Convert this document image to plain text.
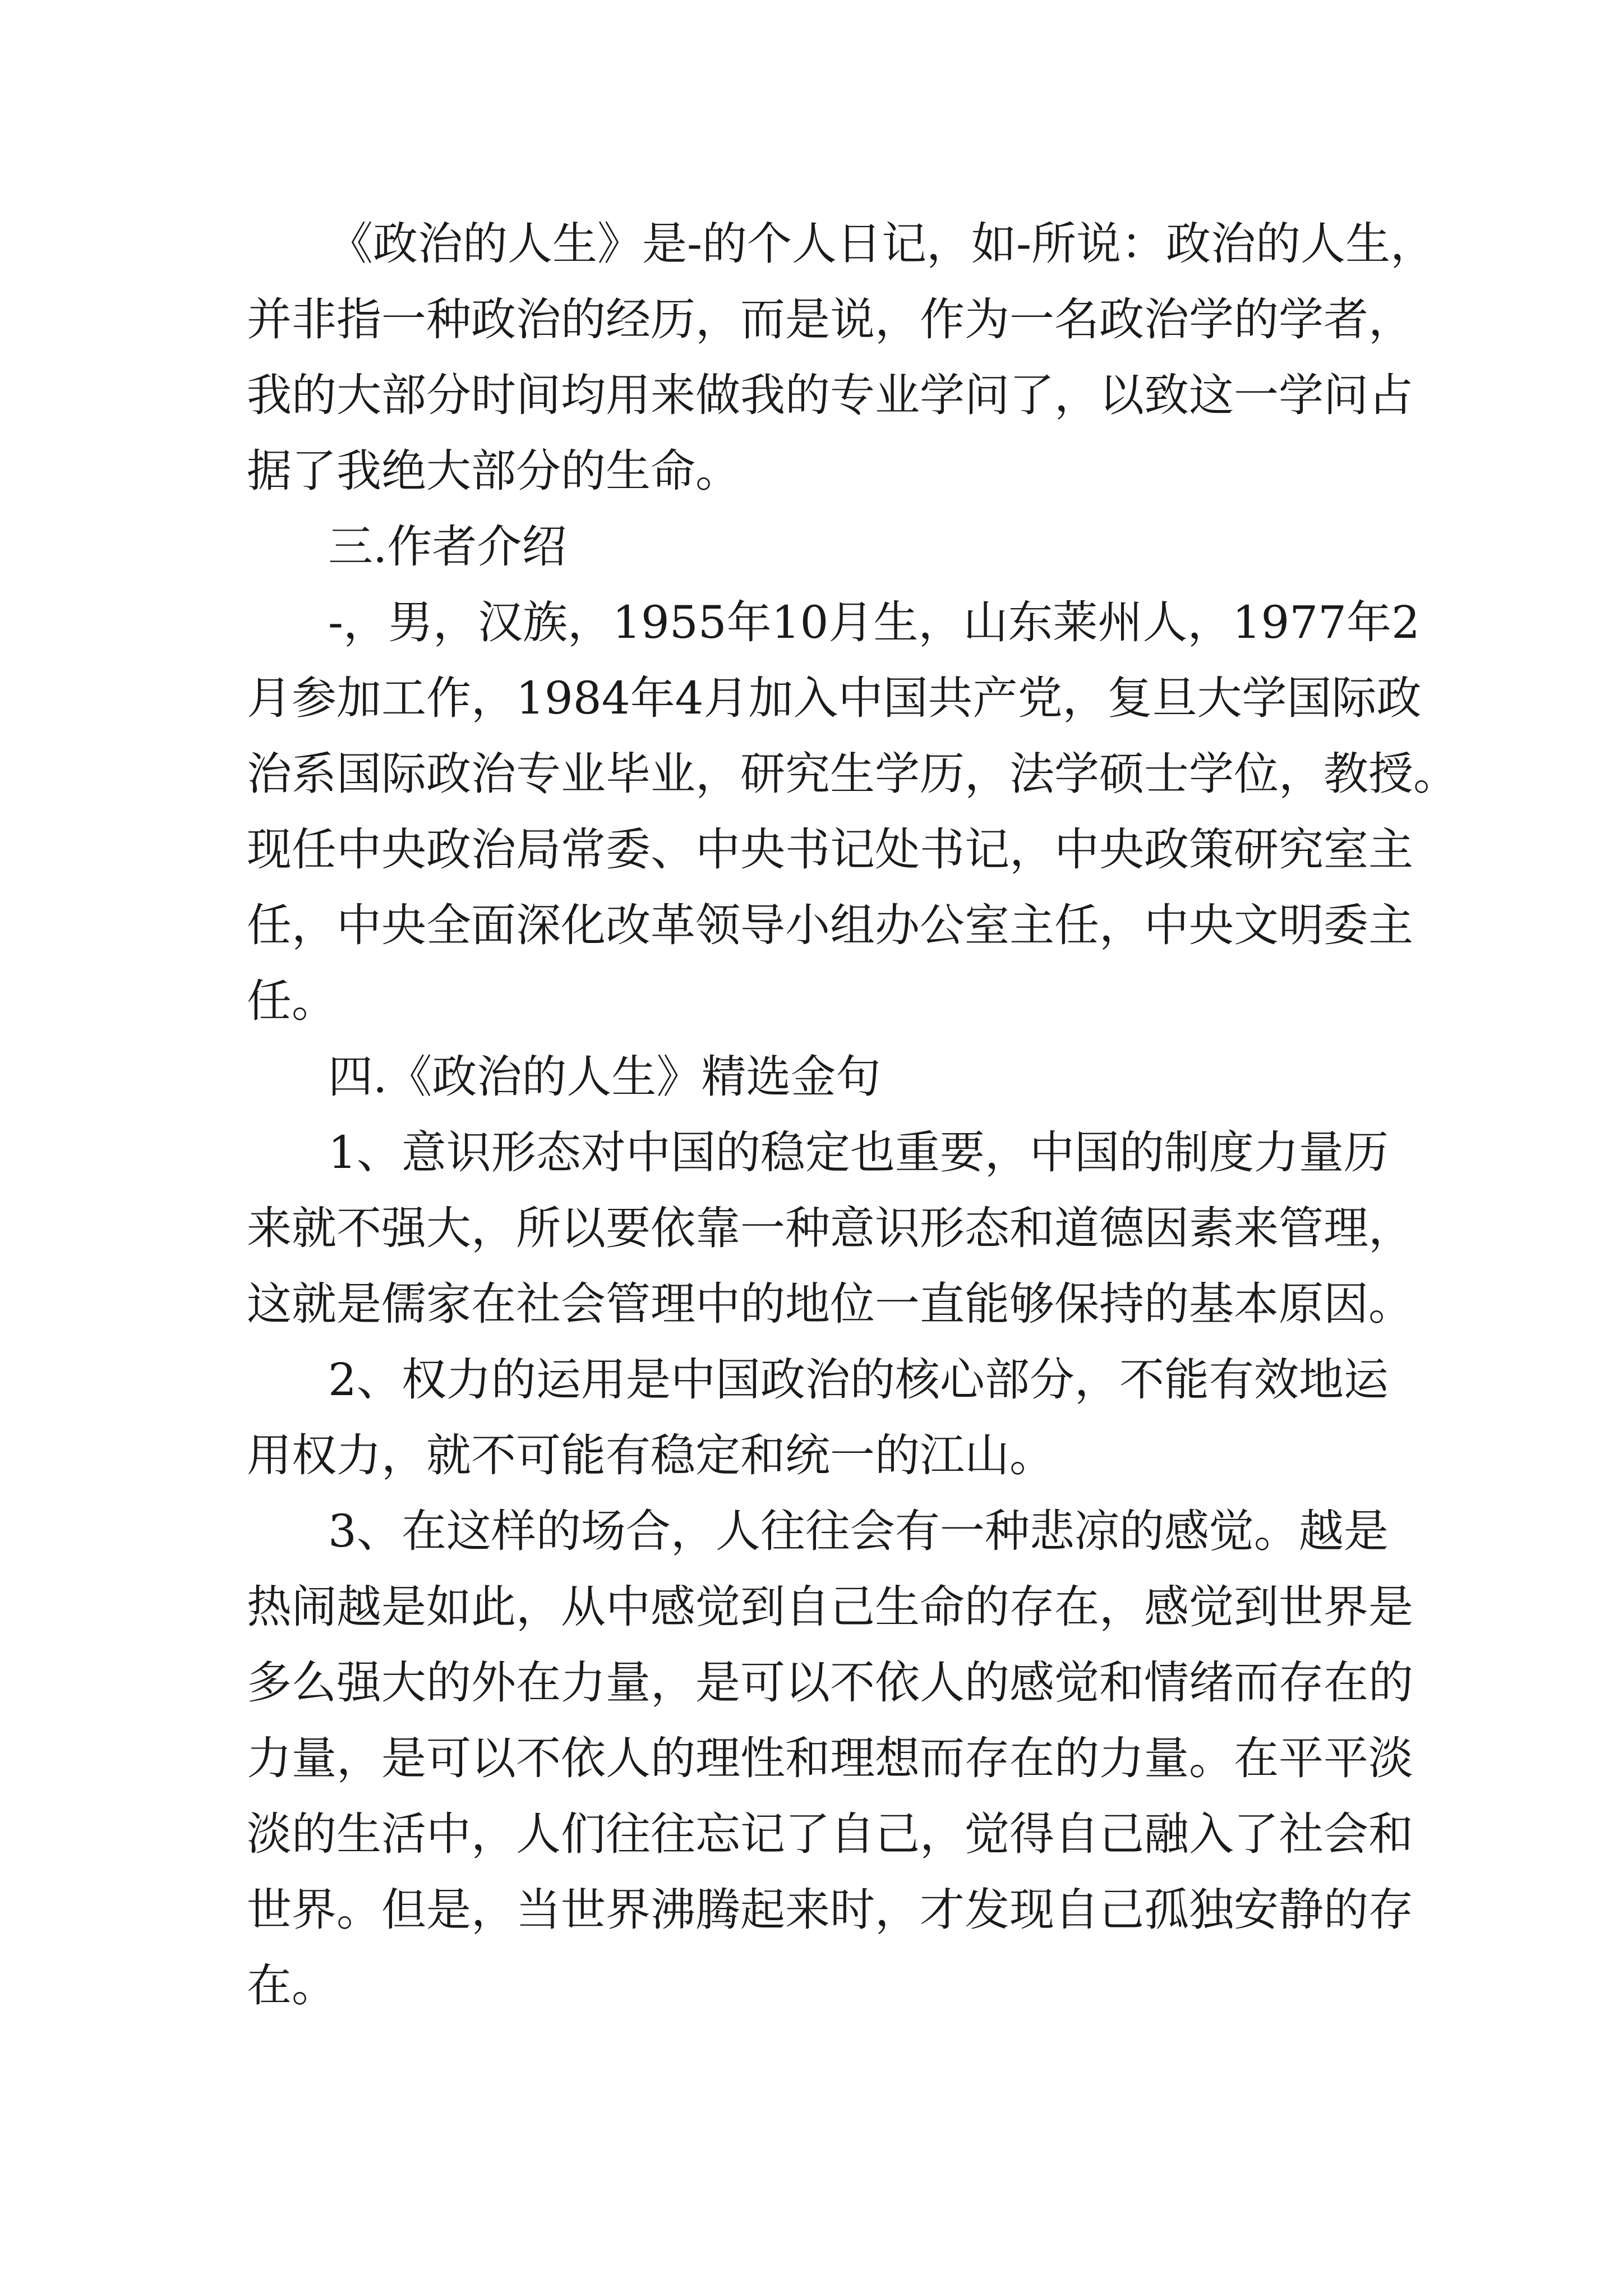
《政治的人生》是-的个人日记，如-所说：政治的人生，
并非指一种政治的经历，而是说，作为一名政治学的学者，
我的大部分时间均用来做我的专业学问了，以致这一学问占
据了我绝大部分的生命。
三.作者介绍
-，男，汉族，1955年10月生，山东莱州人，1977年2
月参加工作，1984年4月加入中国共产党，复旦大学国际政
治系国际政治专业毕业，研究生学历，法学硕士学位，教授。
现任中央政治局常委、中央书记处书记，中央政策研究室主
任，中央全面深化改革领导小组办公室主任，中央文明委主
任。
四.《政治的人生》精选金句
1、意识形态对中国的稳定也重要，中国的制度力量历
来就不强大，所以要依靠一种意识形态和道德因素来管理，
这就是儒家在社会管理中的地位一直能够保持的基本原因。
2、权力的运用是中国政治的核心部分，不能有效地运
用权力，就不可能有稳定和统一的江山。
3、在这样的场合，人往往会有一种悲凉的感觉。越是
热闹越是如此，从中感觉到自己生命的存在，感觉到世界是
多么强大的外在力量，是可以不依人的感觉和情绪而存在的
力量，是可以不依人的理性和理想而存在的力量。在平平淡
淡的生活中，人们往往忘记了自己，觉得自己融入了社会和
世界。但是，当世界沸腾起来时，才发现自己孤独安静的存
在。
